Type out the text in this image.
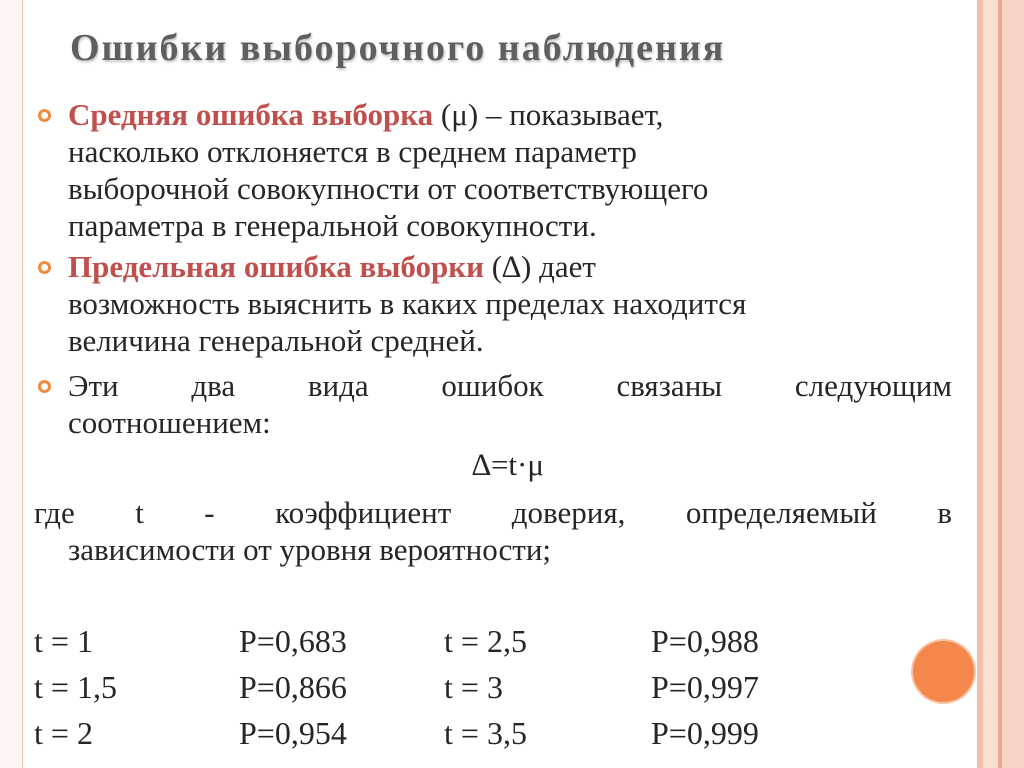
Ошибки выборочного наблюдения

Средняя ошибка выборка (μ) – показывает,

насколько отклоняется в среднем параметр

выборочной совокупности от соответствующего

параметра в генеральной совокупности.

Предельная ошибка выборки (∆) дает

возможность выяснить в каких пределах находится

величина генеральной средней.

Эти два вида ошибок связаны следующим

соотношением:

∆=t·μ
где t - коэффициент доверия, определяемый в
зависимости от уровня вероятности;
t = 1	P=0,683	t = 2,5	P=0,988
t = 1,5	P=0,866	t = 3	P=0,997
t = 2	P=0,954	t = 3,5	P=0,999
